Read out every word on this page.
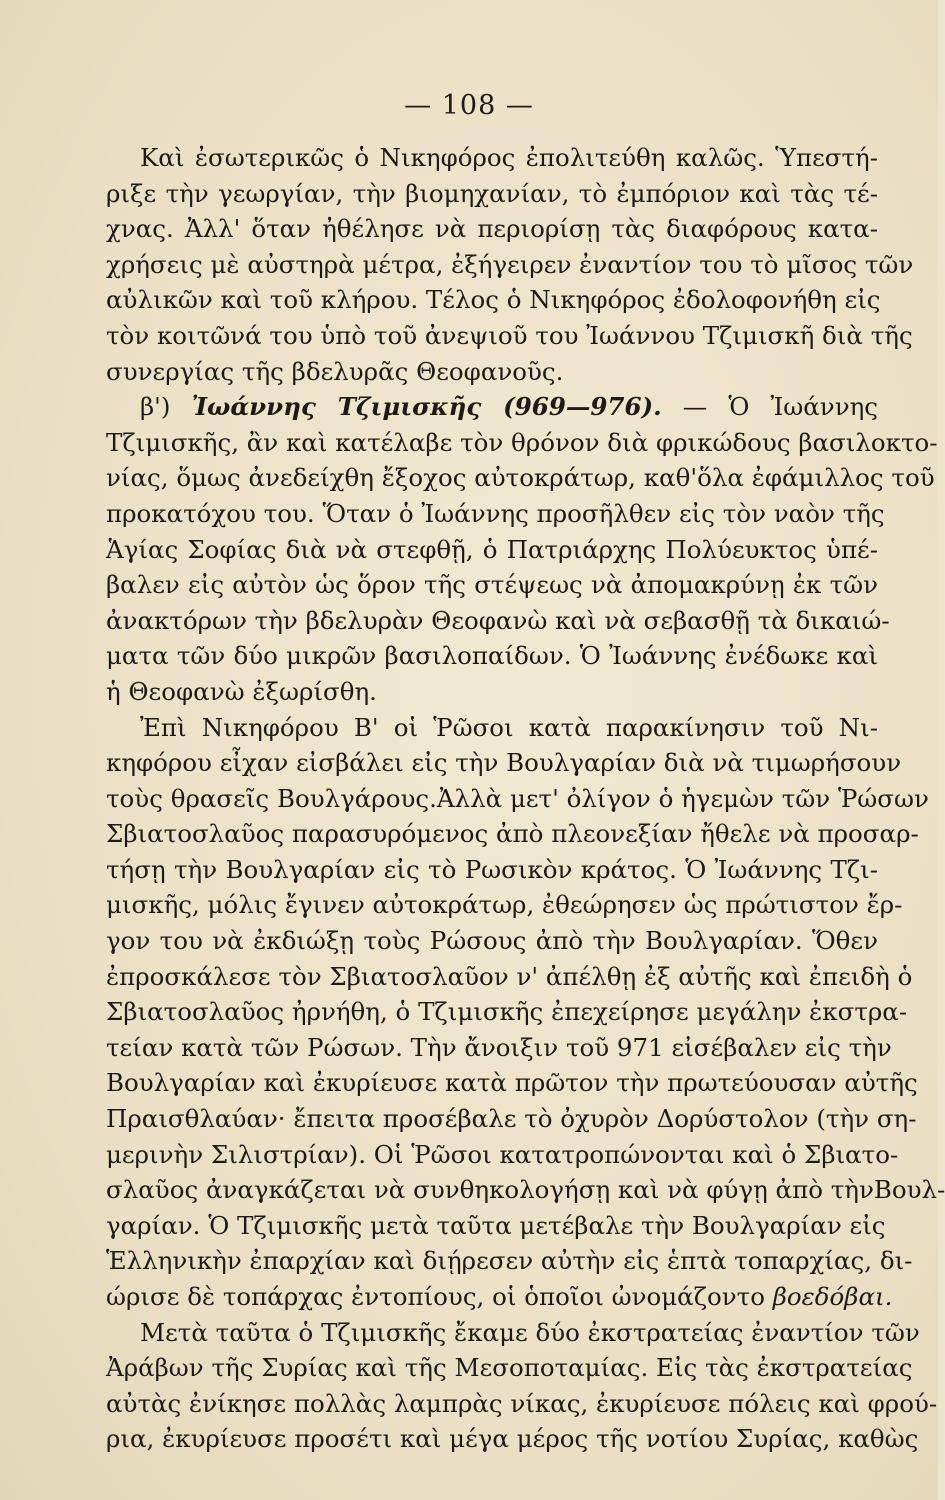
— 108 —
Καὶ ἐσωτερικῶς ὁ Νικηφόρος ἐπολιτεύθη καλῶς. Ὑπεστή-
ριξε τὴν γεωργίαν, τὴν βιομηχανίαν, τὸ ἐμπόριον καὶ τὰς τέ-
χνας. Ἀλλ' ὅταν ἠθέλησε νὰ περιορίσῃ τὰς διαφόρους κατα-
χρήσεις μὲ αὐστηρὰ μέτρα, ἐξήγειρεν ἐναντίον του τὸ μῖσος τῶν
αὐλικῶν καὶ τοῦ κλήρου. Τέλος ὁ Νικηφόρος ἐδολοφονήθη εἰς
τὸν κοιτῶνά του ὑπὸ τοῦ ἀνεψιοῦ του Ἰωάννου Τζιμισκῆ διὰ τῆς
συνεργίας τῆς βδελυρᾶς Θεοφανοῦς.
β') Ἰωάννης Τζιμισκῆς (969—976). — Ὁ Ἰωάννης
Τζιμισκῆς, ἂν καὶ κατέλαβε τὸν θρόνον διὰ φρικώδους βασιλοκτο-
νίας, ὅμως ἀνεδείχθη ἔξοχος αὐτοκράτωρ, καθ'ὅλα ἐφάμιλλος τοῦ
προκατόχου του. Ὅταν ὁ Ἰωάννης προσῆλθεν εἰς τὸν ναὸν τῆς
Ἁγίας Σοφίας διὰ νὰ στεφθῇ, ὁ Πατριάρχης Πολύευκτος ὑπέ-
βαλεν εἰς αὐτὸν ὡς ὅρον τῆς στέψεως νὰ ἀπομακρύνῃ ἐκ τῶν
ἀνακτόρων τὴν βδελυρὰν Θεοφανὼ καὶ νὰ σεβασθῇ τὰ δικαιώ-
ματα τῶν δύο μικρῶν βασιλοπαίδων. Ὁ Ἰωάννης ἐνέδωκε καὶ
ἡ Θεοφανὼ ἐξωρίσθη.
Ἐπὶ Νικηφόρου Β' οἱ Ῥῶσοι κατὰ παρακίνησιν τοῦ Νι-
κηφόρου εἶχαν εἰσβάλει εἰς τὴν Βουλγαρίαν διὰ νὰ τιμωρήσουν
τοὺς θρασεῖς Βουλγάρους.Ἀλλὰ μετ' ὀλίγον ὁ ἡγεμὼν τῶν Ῥώσων
Σβιατοσλαῦος παρασυρόμενος ἀπὸ πλεονεξίαν ἤθελε νὰ προσαρ-
τήσῃ τὴν Βουλγαρίαν εἰς τὸ Ρωσικὸν κράτος. Ὁ Ἰωάννης Τζι-
μισκῆς, μόλις ἔγινεν αὐτοκράτωρ, ἐθεώρησεν ὡς πρώτιστον ἔρ-
γον του νὰ ἐκδιώξῃ τοὺς Ρώσους ἀπὸ τὴν Βουλγαρίαν. Ὅθεν
ἐπροσκάλεσε τὸν Σβιατοσλαῦον ν' ἀπέλθῃ ἐξ αὐτῆς καὶ ἐπειδὴ ὁ
Σβιατοσλαῦος ἠρνήθη, ὁ Τζιμισκῆς ἐπεχείρησε μεγάλην ἐκστρα-
τείαν κατὰ τῶν Ρώσων. Τὴν ἄνοιξιν τοῦ 971 εἰσέβαλεν εἰς τὴν
Βουλγαρίαν καὶ ἐκυρίευσε κατὰ πρῶτον τὴν πρωτεύουσαν αὐτῆς
Πραισθλαύαν· ἔπειτα προσέβαλε τὸ ὀχυρὸν Δορύστολον (τὴν ση-
μερινὴν Σιλιστρίαν). Οἱ Ῥῶσοι κατατροπώνονται καὶ ὁ Σβιατο-
σλαῦος ἀναγκάζεται νὰ συνθηκολογήσῃ καὶ νὰ φύγῃ ἀπὸ τὴνΒουλ-
γαρίαν. Ὁ Τζιμισκῆς μετὰ ταῦτα μετέβαλε τὴν Βουλγαρίαν εἰς
Ἑλληνικὴν ἐπαρχίαν καὶ διῄρεσεν αὐτὴν εἰς ἑπτὰ τοπαρχίας, δι-
ώρισε δὲ τοπάρχας ἐντοπίους, οἱ ὁποῖοι ὠνομάζοντο βοεδόβαι.
Μετὰ ταῦτα ὁ Τζιμισκῆς ἔκαμε δύο ἐκστρατείας ἐναντίον τῶν
Ἀράβων τῆς Συρίας καὶ τῆς Μεσοποταμίας. Εἰς τὰς ἐκστρατείας
αὐτὰς ἐνίκησε πολλὰς λαμπρὰς νίκας, ἐκυρίευσε πόλεις καὶ φρού-
ρια, ἐκυρίευσε προσέτι καὶ μέγα μέρος τῆς νοτίου Συρίας, καθὼς
